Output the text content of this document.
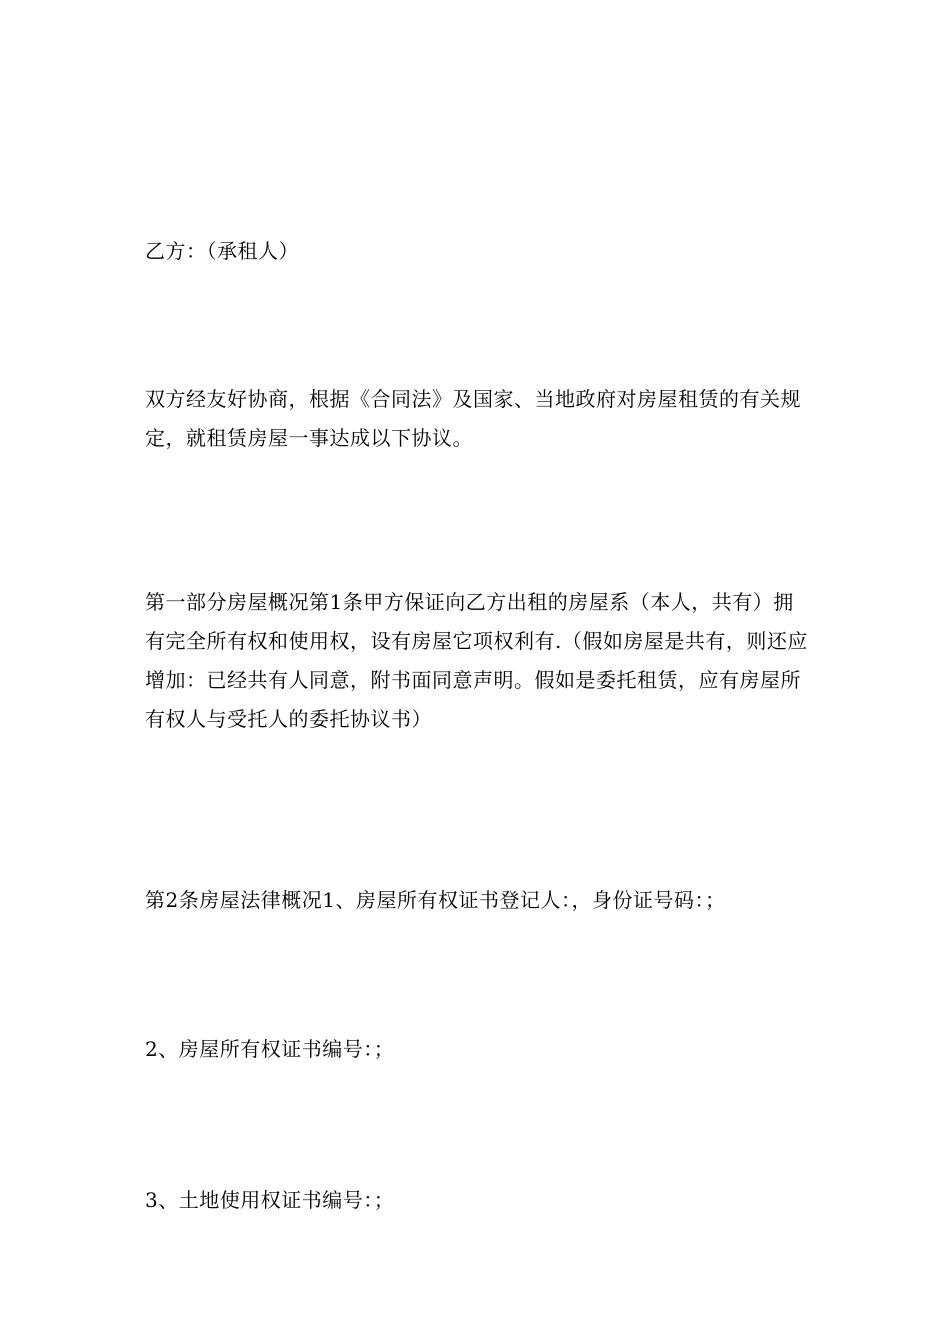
乙方：（承租人）

双方经友好协商，根据《合同法》及国家、当地政府对房屋租赁的有关规定，就租赁房屋一事达成以下协议。

第一部分房屋概况第1条甲方保证向乙方出租的房屋系（本人，共有）拥有完全所有权和使用权，设有房屋它项权利有.（假如房屋是共有，则还应增加：已经共有人同意，附书面同意声明。假如是委托租赁，应有房屋所有权人与受托人的委托协议书）

第2条房屋法律概况1、房屋所有权证书登记人：，身份证号码：；

2、房屋所有权证书编号：；

3、土地使用权证书编号：；
